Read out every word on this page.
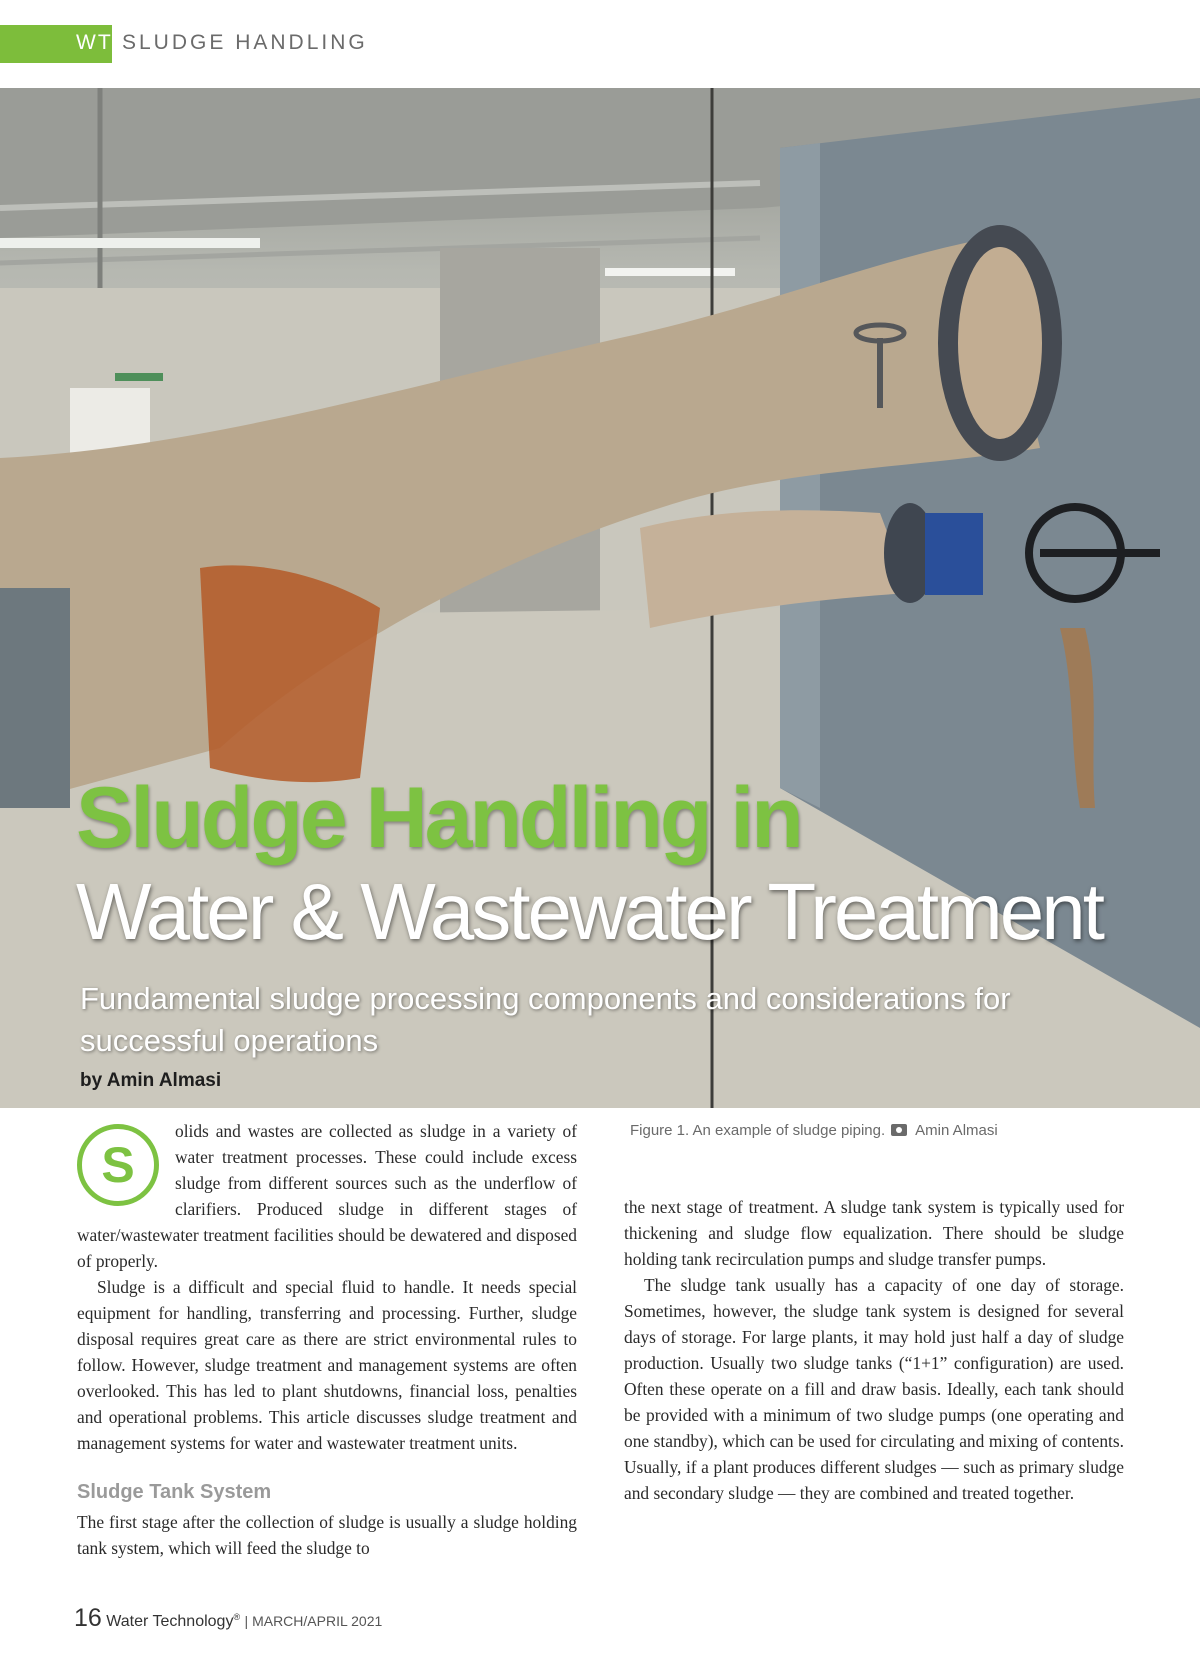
WT SLUDGE HANDLING
Sludge Handling in
Water & Wastewater Treatment
Fundamental sludge processing components and considerations for successful operations
by Amin Almasi
Figure 1. An example of sludge piping. Amin Almasi
S

olids and wastes are collected as sludge in a variety of water treatment processes. These could include excess sludge from different sources such as the underflow of clarifiers. Produced sludge in different stages of water/wastewater treatment facilities should be dewatered and disposed of properly.

Sludge is a difficult and special fluid to handle. It needs special equipment for handling, transferring and processing. Further, sludge disposal requires great care as there are strict environmental rules to follow. However, sludge treatment and management systems are often overlooked. This has led to plant shutdowns, financial loss, penalties and operational problems. This article discusses sludge treatment and management systems for water and wastewater treatment units.

Sludge Tank System

The first stage after the collection of sludge is usually a sludge holding tank system, which will feed the sludge to

the next stage of treatment. A sludge tank system is typically used for thickening and sludge flow equalization. There should be sludge holding tank recirculation pumps and sludge transfer pumps.

The sludge tank usually has a capacity of one day of storage. Sometimes, however, the sludge tank system is designed for several days of storage. For large plants, it may hold just half a day of sludge production. Usually two sludge tanks (“1+1” configuration) are used. Often these operate on a fill and draw basis. Ideally, each tank should be provided with a minimum of two sludge pumps (one operating and one standby), which can be used for circulating and mixing of contents. Usually, if a plant produces different sludges — such as primary sludge and secondary sludge — they are combined and treated together.

16 Water Technology® | MARCH/APRIL 2021
